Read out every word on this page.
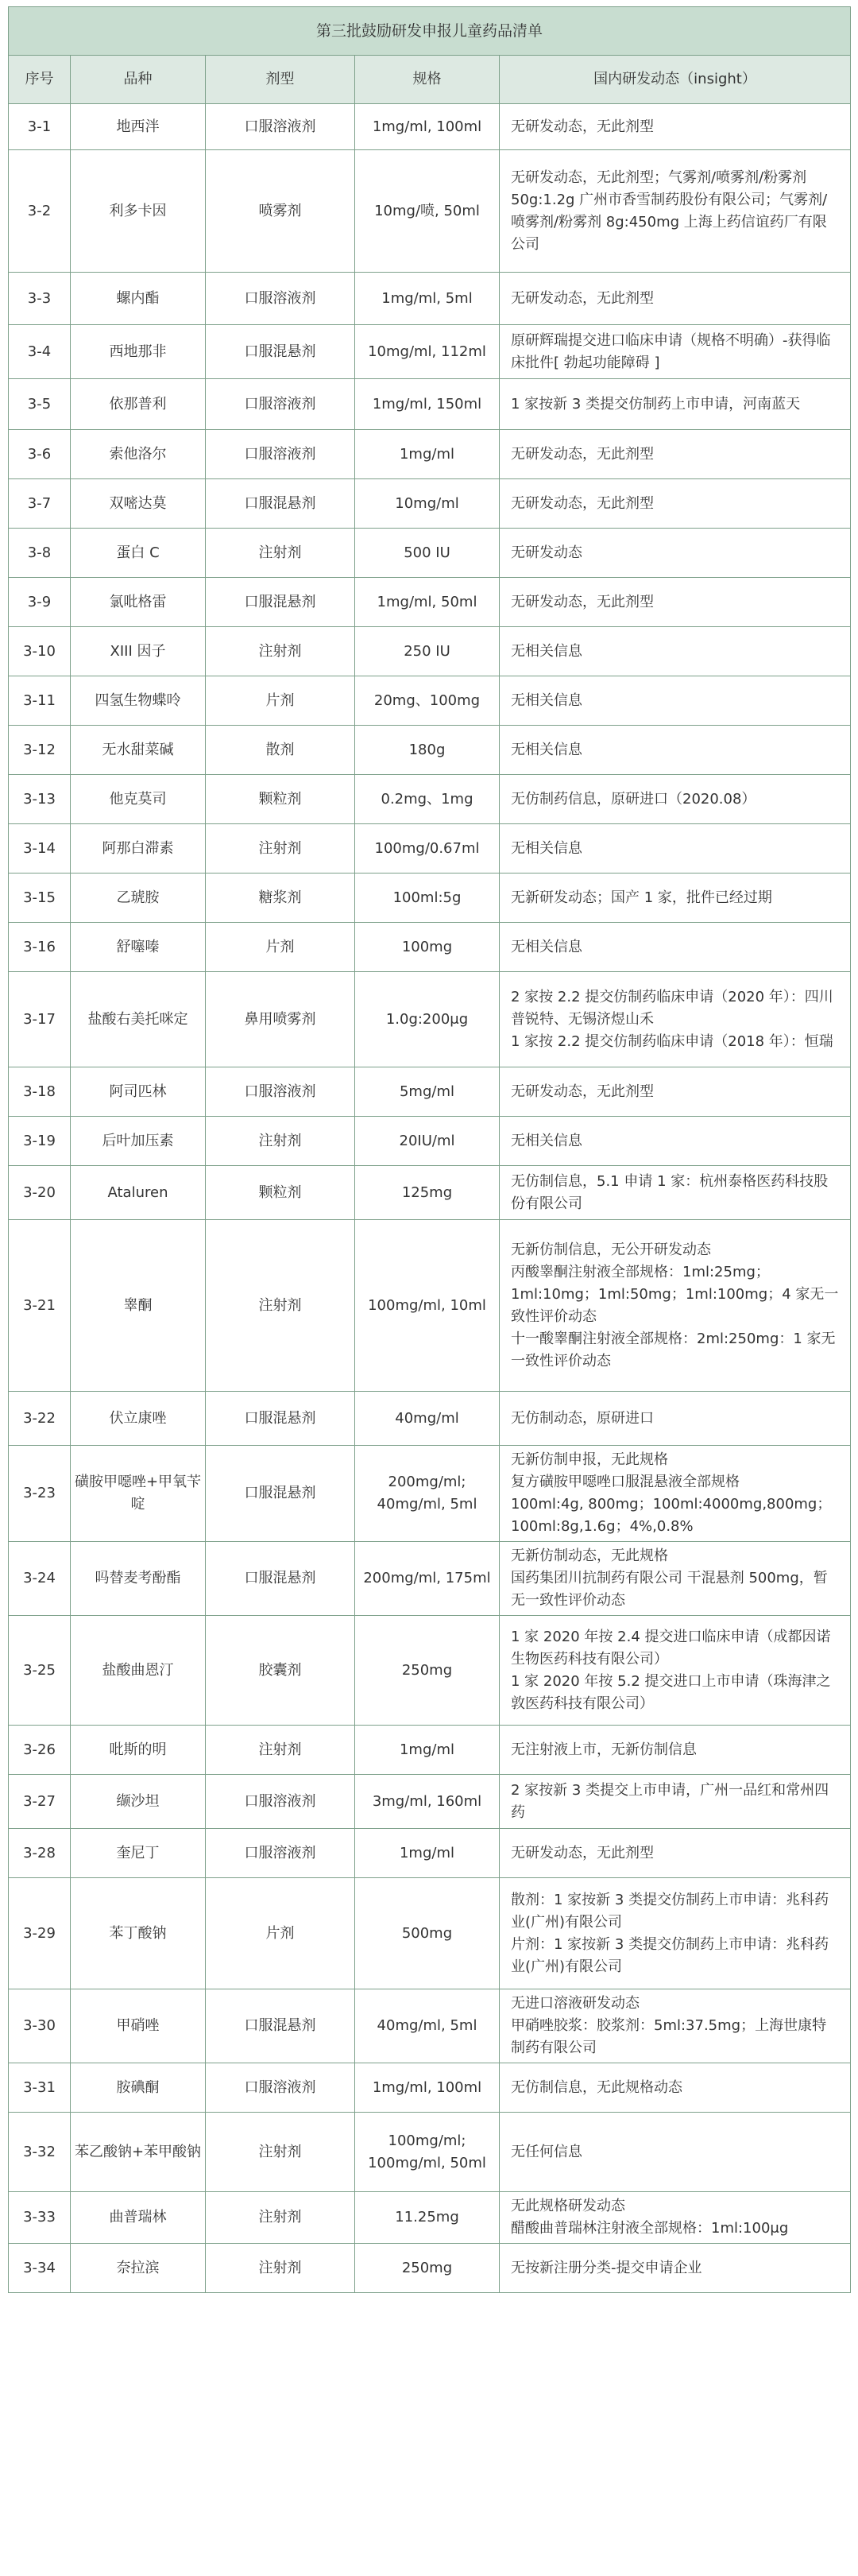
第三批鼓励研发申报儿童药品清单				
序号	品种	剂型	规格	国内研发动态（insight）
3-1	地西泮	口服溶液剂	1mg/ml, 100ml	无研发动态，无此剂型

3-2	利多卡因	喷雾剂	10mg/喷, 50ml	无研发动态，无此剂型；气雾剂/喷雾剂/粉雾剂 50g:1.2g 广州市香雪制药股份有限公司；气雾剂/喷雾剂/粉雾剂 8g:450mg 上海上药信谊药厂有限公司

3-3	螺内酯	口服溶液剂	1mg/ml, 5ml	无研发动态，无此剂型

3-4	西地那非	口服混悬剂	10mg/ml, 112ml	原研辉瑞提交进口临床申请（规格不明确）-获得临床批件[ 勃起功能障碍 ]

3-5	依那普利	口服溶液剂	1mg/ml, 150ml	1 家按新 3 类提交仿制药上市申请，河南蓝天

3-6	索他洛尔	口服溶液剂	1mg/ml	无研发动态，无此剂型

3-7	双嘧达莫	口服混悬剂	10mg/ml	无研发动态，无此剂型

3-8	蛋白 C	注射剂	500 IU	无研发动态

3-9	氯吡格雷	口服混悬剂	1mg/ml, 50ml	无研发动态，无此剂型

3-10	XIII 因子	注射剂	250 IU	无相关信息

3-11	四氢生物蝶呤	片剂	20mg、100mg	无相关信息

3-12	无水甜菜碱	散剂	180g	无相关信息

3-13	他克莫司	颗粒剂	0.2mg、1mg	无仿制药信息，原研进口（2020.08）

3-14	阿那白滞素	注射剂	100mg/0.67ml	无相关信息

3-15	乙琥胺	糖浆剂	100ml:5g	无新研发动态；国产 1 家，批件已经过期

3-16	舒噻嗪	片剂	100mg	无相关信息

3-17	盐酸右美托咪定	鼻用喷雾剂	1.0g:200μg	2 家按 2.2 提交仿制药临床申请（2020 年）：四川普锐特、无锡济煜山禾
1 家按 2.2 提交仿制药临床申请（2018 年）：恒瑞

3-18	阿司匹林	口服溶液剂	5mg/ml	无研发动态，无此剂型

3-19	后叶加压素	注射剂	20IU/ml	无相关信息

3-20	Ataluren	颗粒剂	125mg	无仿制信息，5.1 申请 1 家：杭州泰格医药科技股份有限公司

3-21	睾酮	注射剂	100mg/ml, 10ml	无新仿制信息，无公开研发动态
丙酸睾酮注射液全部规格：1ml:25mg；1ml:10mg；1ml:50mg；1ml:100mg；4 家无一致性评价动态
十一酸睾酮注射液全部规格：2ml:250mg：1 家无一致性评价动态

3-22	伏立康唑	口服混悬剂	40mg/ml	无仿制动态，原研进口

3-23	磺胺甲噁唑+甲氧苄啶	口服混悬剂	200mg/ml; 40mg/ml, 5ml	无新仿制申报，无此规格
复方磺胺甲噁唑口服混悬液全部规格
100ml:4g, 800mg；100ml:4000mg,800mg；100ml:8g,1.6g；4%,0.8%

3-24	吗替麦考酚酯	口服混悬剂	200mg/ml, 175ml	无新仿制动态，无此规格
国药集团川抗制药有限公司 干混悬剂 500mg，暂无一致性评价动态

3-25	盐酸曲恩汀	胶囊剂	250mg	1 家 2020 年按 2.4 提交进口临床申请（成都因诺生物医药科技有限公司）
1 家 2020 年按 5.2 提交进口上市申请（珠海津之敦医药科技有限公司）

3-26	吡斯的明	注射剂	1mg/ml	无注射液上市，无新仿制信息

3-27	缬沙坦	口服溶液剂	3mg/ml, 160ml	2 家按新 3 类提交上市申请，广州一品红和常州四药

3-28	奎尼丁	口服溶液剂	1mg/ml	无研发动态，无此剂型

3-29	苯丁酸钠	片剂	500mg	散剂：1 家按新 3 类提交仿制药上市申请：兆科药业(广州)有限公司
片剂：1 家按新 3 类提交仿制药上市申请：兆科药业(广州)有限公司

3-30	甲硝唑	口服混悬剂	40mg/ml, 5ml	无进口溶液研发动态
甲硝唑胶浆：胶浆剂：5ml:37.5mg；上海世康特制药有限公司

3-31	胺碘酮	口服溶液剂	1mg/ml, 100ml	无仿制信息，无此规格动态

3-32	苯乙酸钠+苯甲酸钠	注射剂	100mg/ml; 100mg/ml, 50ml	无任何信息

3-33	曲普瑞林	注射剂	11.25mg	无此规格研发动态
醋酸曲普瑞林注射液全部规格：1ml:100μg

3-34	奈拉滨	注射剂	250mg	无按新注册分类-提交申请企业
